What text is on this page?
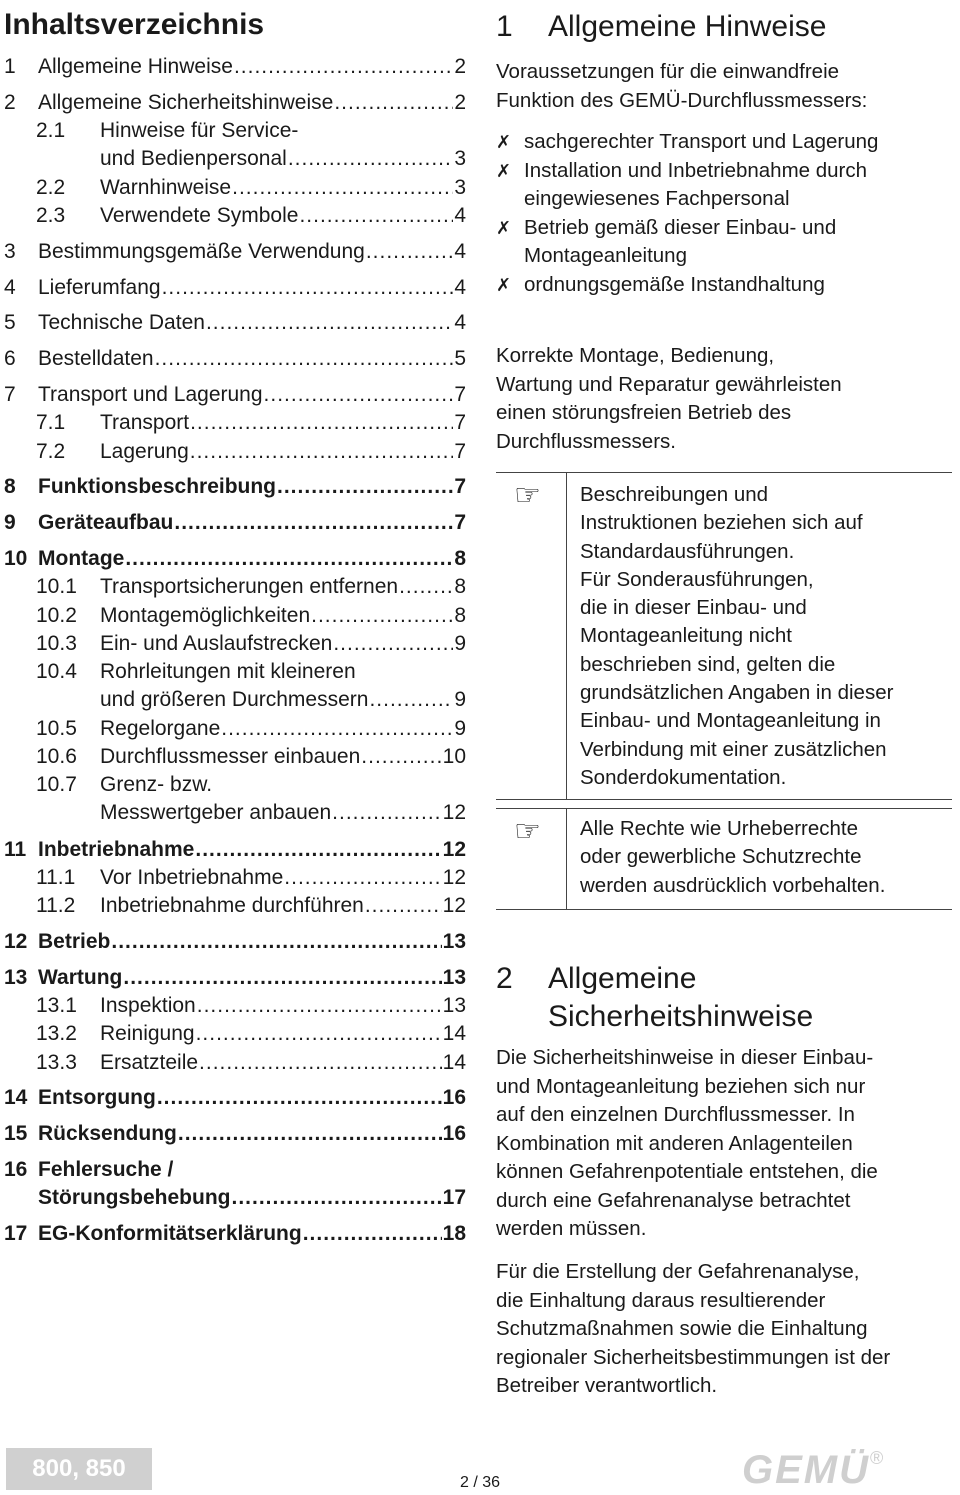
Inhaltsverzeichnis
1 Allgemeine Hinweise .....	2
2 Allgemeine Sicherheitshinweise .....	2
2.1 Hinweise für Service-
und Bedienpersonal .....	3
2.2 Warnhinweise .....	3
2.3 Verwendete Symbole .....	4
3 Bestimmungsgemäße Verwendung .....	4
4 Lieferumfang .....	4
5 Technische Daten .....	4
6 Bestelldaten .....	5
7 Transport und Lagerung .....	7
7.1 Transport .....	7
7.2 Lagerung .....	7
8 Funktionsbeschreibung .....	7
9 Geräteaufbau .....	7
10 Montage .....	8
10.1 Transportsicherungen entfernen .....	8
10.2 Montagemöglichkeiten .....	8
10.3 Ein- und Auslaufstrecken .....	9
10.4 Rohrleitungen mit kleineren
und größeren Durchmessern .....	9
10.5 Regelorgane .....	9
10.6 Durchflussmesser einbauen .....	10
10.7 Grenz- bzw.
Messwertgeber anbauen .....	12
11 Inbetriebnahme .....	12
11.1 Vor Inbetriebnahme .....	12
11.2 Inbetriebnahme durchführen .....	12
12 Betrieb .....	13
13 Wartung .....	13
13.1 Inspektion .....	13
13.2 Reinigung .....	14
13.3 Ersatzteile .....	14
14 Entsorgung .....	16
15 Rücksendung .....	16
16 Fehlersuche /
Störungsbehebung .....	17
17 EG-Konformitätserklärung .....	18
1 Allgemeine Hinweise
Voraussetzungen für die einwandfreie
Funktion des GEMÜ-Durchflussmessers:
✗ sachgerechter Transport und Lagerung
✗ Installation und Inbetriebnahme durch
eingewiesenes Fachpersonal
✗ Betrieb gemäß dieser Einbau- und
Montageanleitung
✗ ordnungsgemäße Instandhaltung
Korrekte Montage, Bedienung,
Wartung und Reparatur gewährleisten
einen störungsfreien Betrieb des
Durchflussmessers.
☞ Beschreibungen und
Instruktionen beziehen sich auf
Standardausführungen.
Für Sonderausführungen,
die in dieser Einbau- und
Montageanleitung nicht
beschrieben sind, gelten die
grundsätzlichen Angaben in dieser
Einbau- und Montageanleitung in
Verbindung mit einer zusätzlichen
Sonderdokumentation.
☞ Alle Rechte wie Urheberrechte
oder gewerbliche Schutzrechte
werden ausdrücklich vorbehalten.
2 Allgemeine
Sicherheitshinweise
Die Sicherheitshinweise in dieser Einbau-
und Montageanleitung beziehen sich nur
auf den einzelnen Durchflussmesser. In
Kombination mit anderen Anlagenteilen
können Gefahrenpotentiale entstehen, die
durch eine Gefahrenanalyse betrachtet
werden müssen.
Für die Erstellung der Gefahrenanalyse,
die Einhaltung daraus resultierender
Schutzmaßnahmen sowie die Einhaltung
regionaler Sicherheitsbestimmungen ist der
Betreiber verantwortlich.
800, 850
2 / 36	GEMÜ®
